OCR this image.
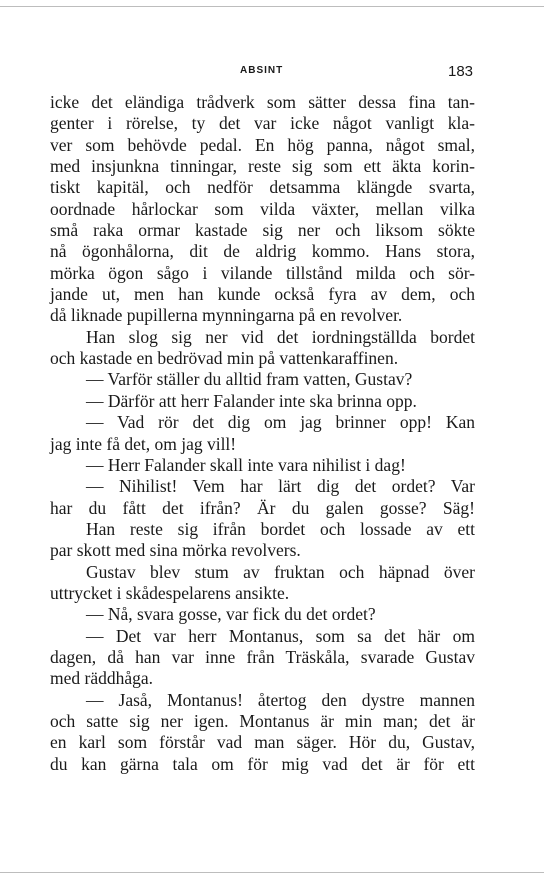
ABSINT	183
icke det eländiga trådverk som sätter dessa fina tan-
genter i rörelse, ty det var icke något vanligt kla-
ver som behövde pedal. En hög panna, något smal,
med insjunkna tinningar, reste sig som ett äkta korin-
tiskt kapitäl, och nedför detsamma klängde svarta,
oordnade hårlockar som vilda växter, mellan vilka
små raka ormar kastade sig ner och liksom sökte
nå ögonhålorna, dit de aldrig kommo. Hans stora,
mörka ögon sågo i vilande tillstånd milda och sör-
jande ut, men han kunde också fyra av dem, och
då liknade pupillerna mynningarna på en revolver.
Han slog sig ner vid det iordningställda bordet
och kastade en bedrövad min på vattenkaraffinen.
— Varför ställer du alltid fram vatten, Gustav?
— Därför att herr Falander inte ska brinna opp.
— Vad rör det dig om jag brinner opp! Kan
jag inte få det, om jag vill!
— Herr Falander skall inte vara nihilist i dag!
— Nihilist! Vem har lärt dig det ordet? Var
har du fått det ifrån? Är du galen gosse? Säg!
Han reste sig ifrån bordet och lossade av ett
par skott med sina mörka revolvers.
Gustav blev stum av fruktan och häpnad över
uttrycket i skådespelarens ansikte.
— Nå, svara gosse, var fick du det ordet?
— Det var herr Montanus, som sa det här om
dagen, då han var inne från Träskåla, svarade Gustav
med räddhåga.
— Jaså, Montanus! återtog den dystre mannen
och satte sig ner igen. Montanus är min man; det är
en karl som förstår vad man säger. Hör du, Gustav,
du kan gärna tala om för mig vad det är för ett
